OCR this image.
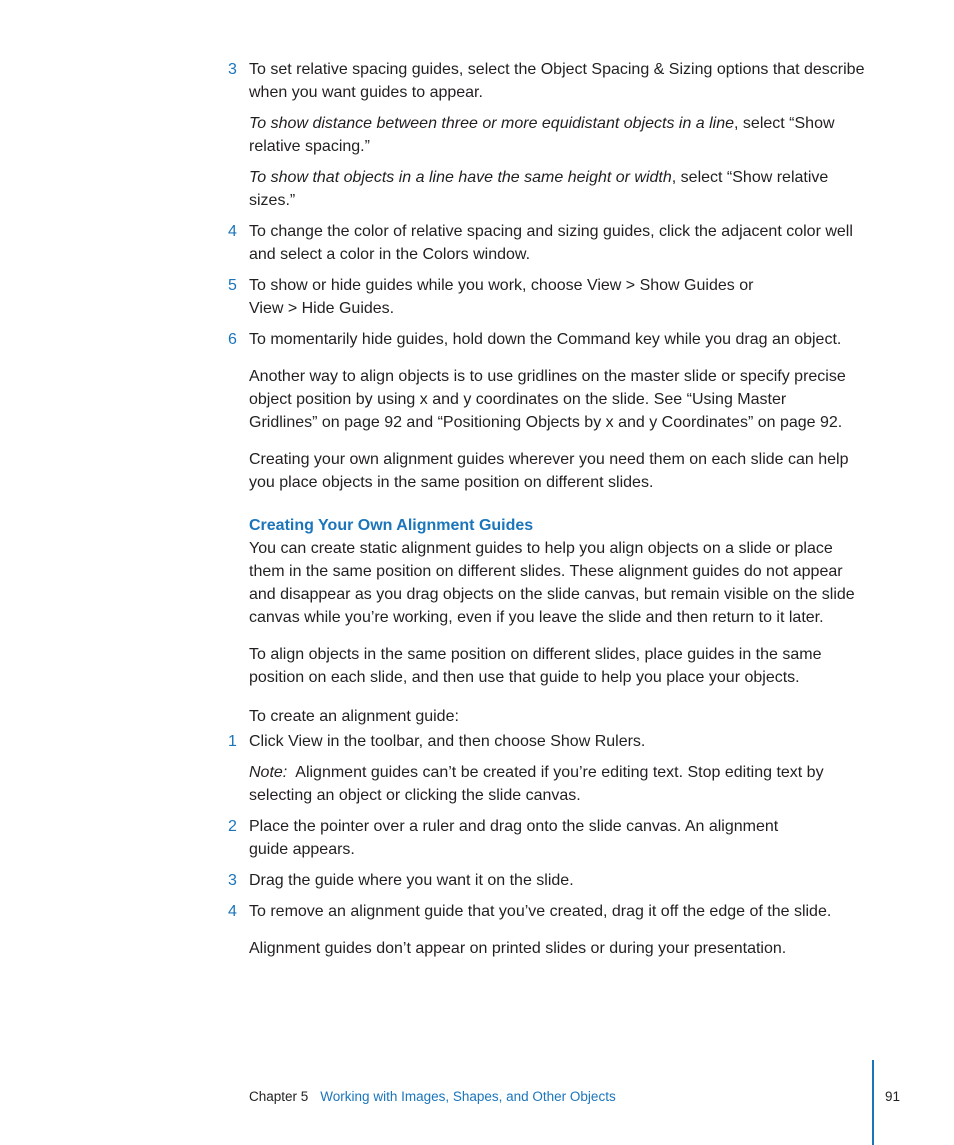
3 To set relative spacing guides, select the Object Spacing & Sizing options that describe when you want guides to appear.

To show distance between three or more equidistant objects in a line, select “Show relative spacing.”

To show that objects in a line have the same height or width, select “Show relative sizes.”

4 To change the color of relative spacing and sizing guides, click the adjacent color well and select a color in the Colors window.

5 To show or hide guides while you work, choose View > Show Guides or View > Hide Guides.

6 To momentarily hide guides, hold down the Command key while you drag an object.

Another way to align objects is to use gridlines on the master slide or specify precise object position by using x and y coordinates on the slide. See “Using Master Gridlines” on page 92 and “Positioning Objects by x and y Coordinates” on page 92.

Creating your own alignment guides wherever you need them on each slide can help you place objects in the same position on different slides.

Creating Your Own Alignment Guides

You can create static alignment guides to help you align objects on a slide or place them in the same position on different slides. These alignment guides do not appear and disappear as you drag objects on the slide canvas, but remain visible on the slide canvas while you’re working, even if you leave the slide and then return to it later.

To align objects in the same position on different slides, place guides in the same position on each slide, and then use that guide to help you place your objects.

To create an alignment guide:
1 Click View in the toolbar, and then choose Show Rulers.

Note: Alignment guides can’t be created if you’re editing text. Stop editing text by selecting an object or clicking the slide canvas.

2 Place the pointer over a ruler and drag onto the slide canvas. An alignment guide appears.

3 Drag the guide where you want it on the slide.

4 To remove an alignment guide that you’ve created, drag it off the edge of the slide.

Alignment guides don’t appear on printed slides or during your presentation.

Chapter 5 Working with Images, Shapes, and Other Objects	91
